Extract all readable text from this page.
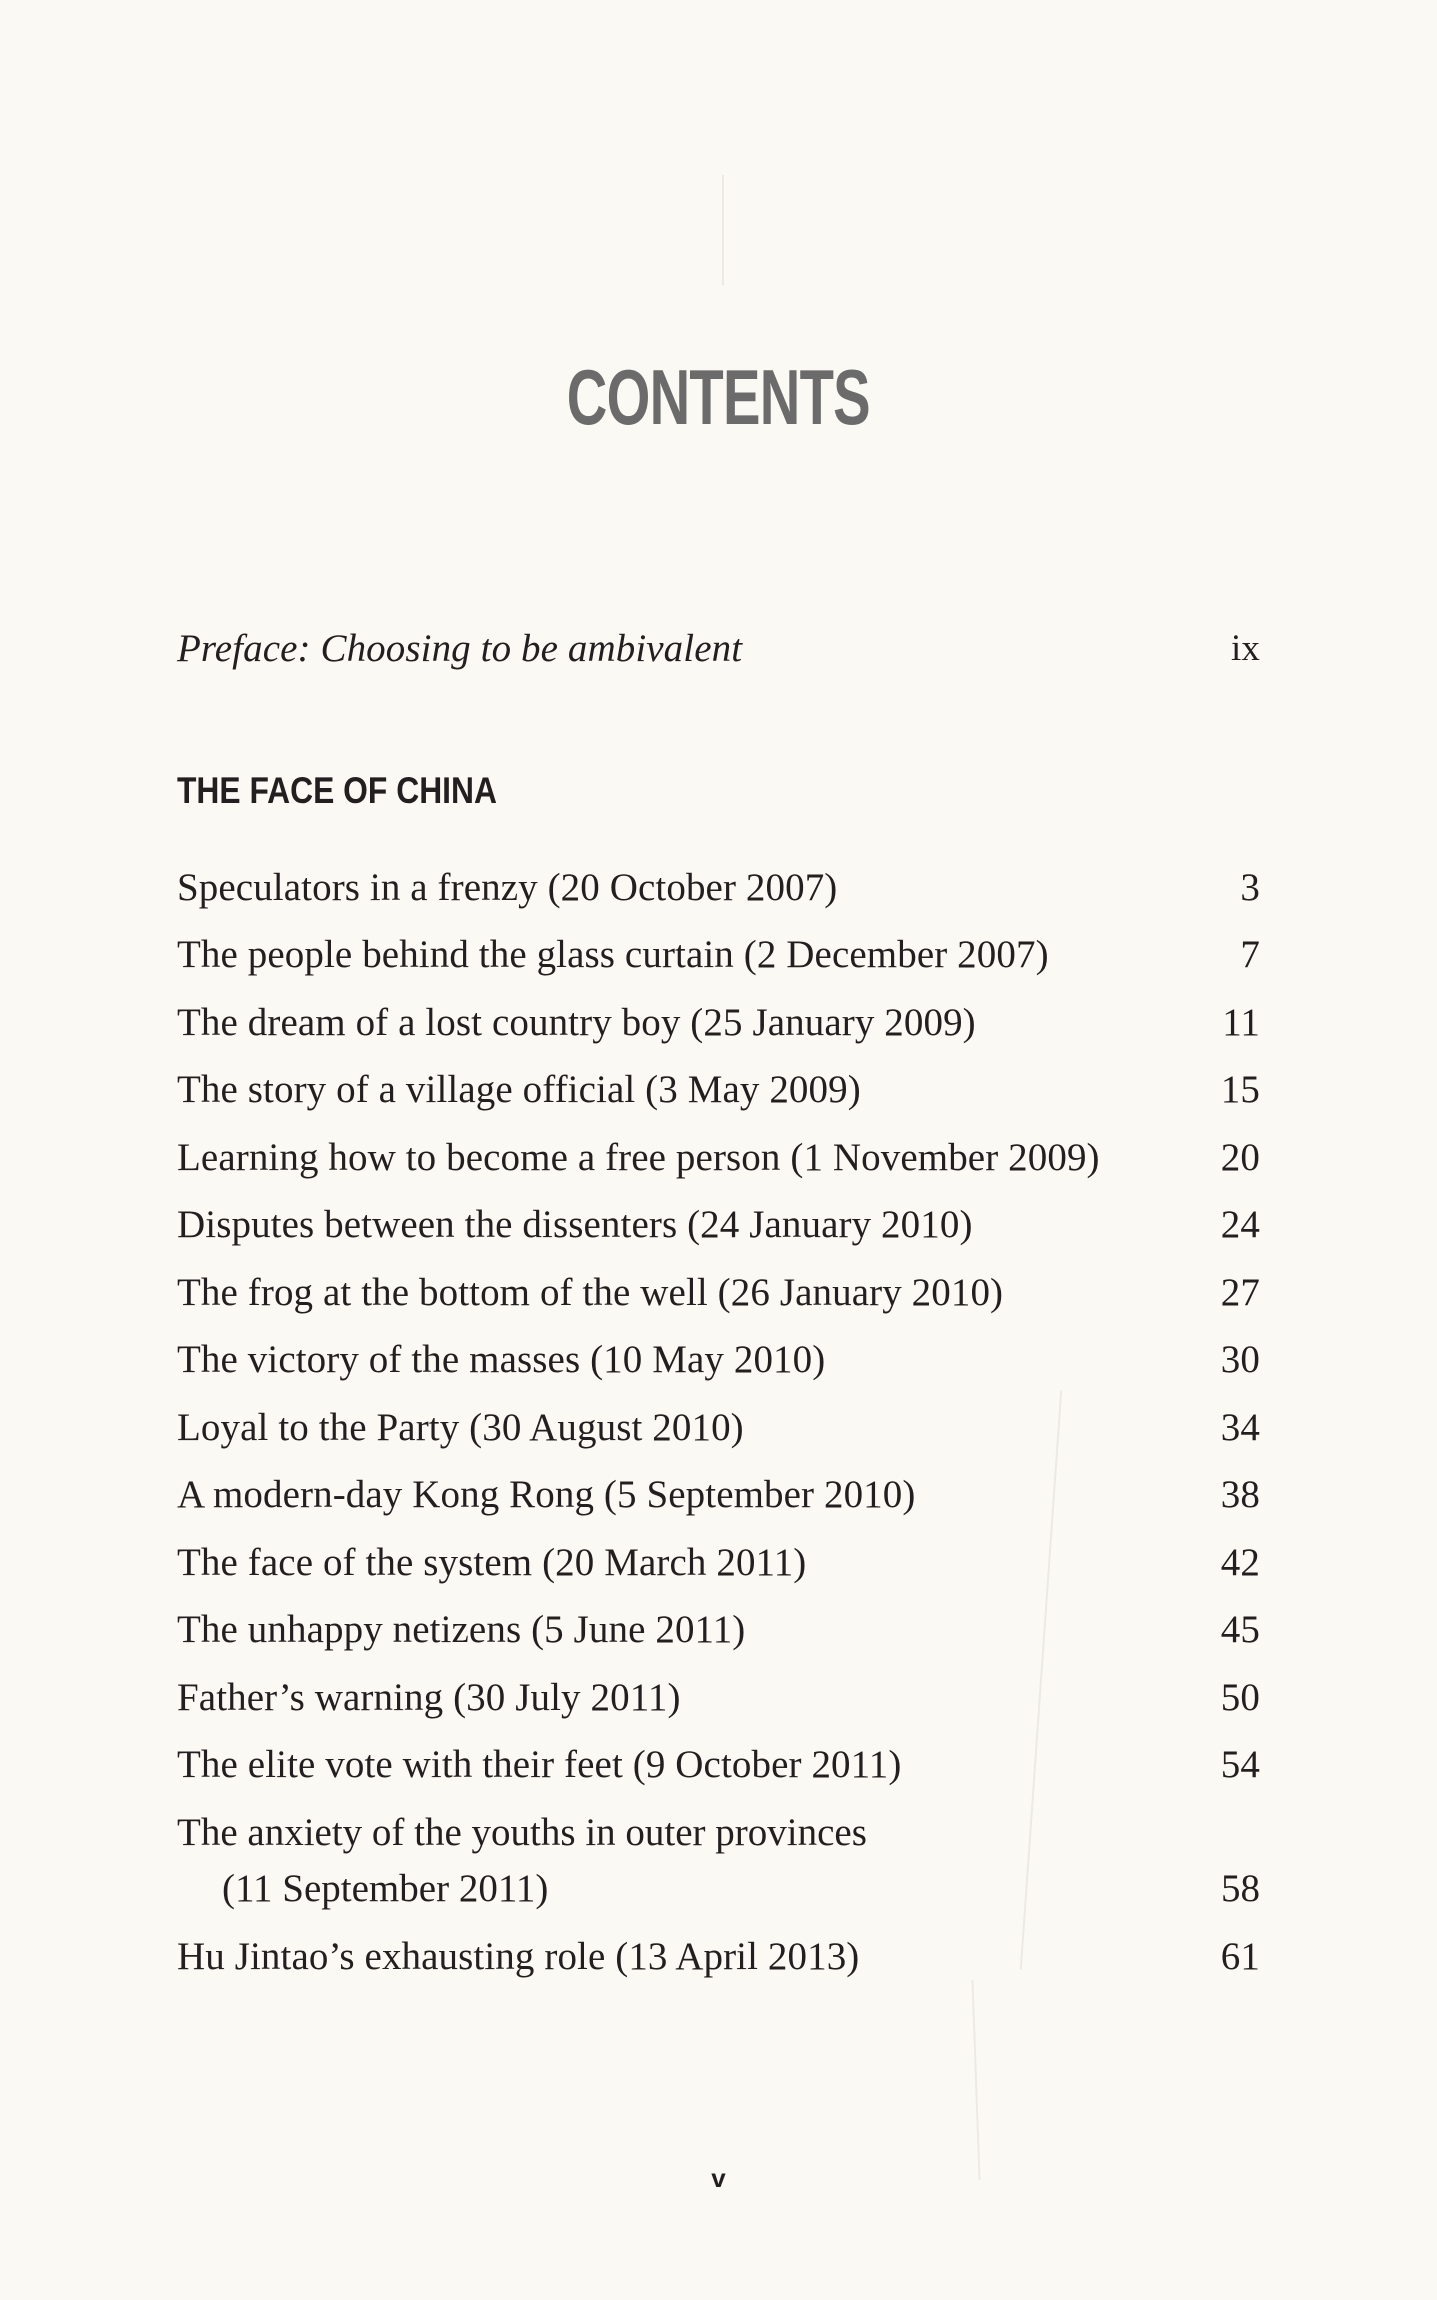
CONTENTS
Preface: Choosing to be ambivalent	ix
THE FACE OF CHINA
Speculators in a frenzy (20 October 2007)	3
The people behind the glass curtain (2 December 2007)	7
The dream of a lost country boy (25 January 2009)	11
The story of a village official (3 May 2009)	15
Learning how to become a free person (1 November 2009)	20
Disputes between the dissenters (24 January 2010)	24
The frog at the bottom of the well (26 January 2010)	27
The victory of the masses (10 May 2010)	30
Loyal to the Party (30 August 2010)	34
A modern-day Kong Rong (5 September 2010)	38
The face of the system (20 March 2011)	42
The unhappy netizens (5 June 2011)	45
Father’s warning (30 July 2011)	50
The elite vote with their feet (9 October 2011)	54
The anxiety of the youths in outer provinces
(11 September 2011)	58
Hu Jintao’s exhausting role (13 April 2013)	61
v
